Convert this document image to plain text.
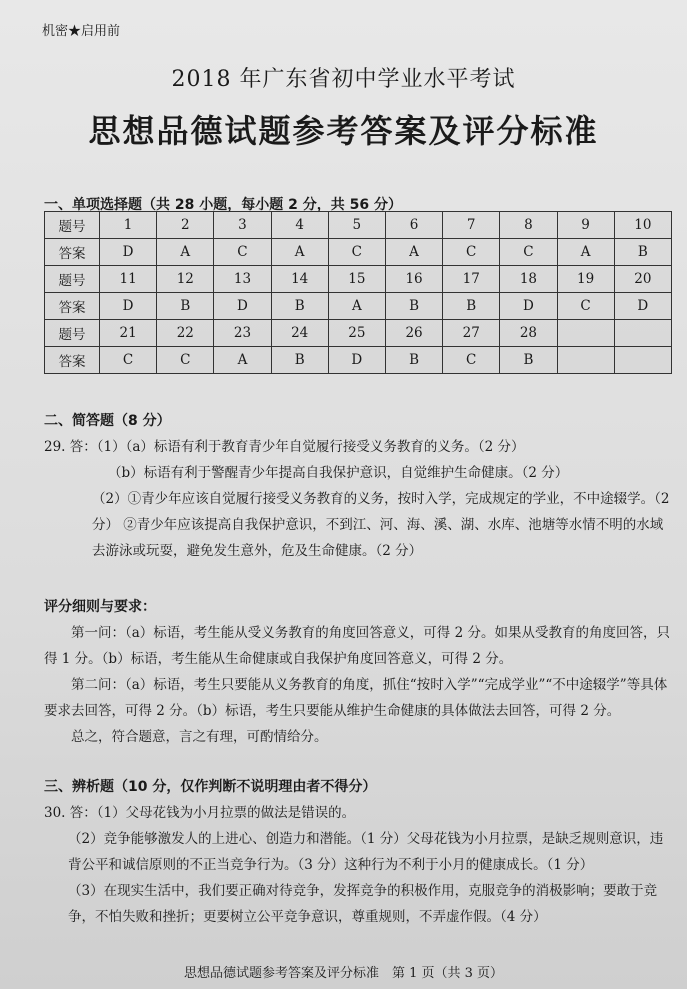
机密★启用前
2018 年广东省初中学业水平考试
思想品德试题参考答案及评分标准
一、单项选择题（共 28 小题，每小题 2 分，共 56 分）
题号	1	2	3	4	5	6	7	8	9	10
答案	D	A	C	A	C	A	C	C	A	B
题号	11	12	13	14	15	16	17	18	19	20
答案	D	B	D	B	A	B	B	D	C	D
题号	21	22	23	24	25	26	27	28		
答案	C	C	A	B	D	B	C	B		
二、简答题（8 分）
29. 答：（1）（a）标语有利于教育青少年自觉履行接受义务教育的义务。（2 分）
（b）标语有利于警醒青少年提高自我保护意识，自觉维护生命健康。（2 分）
（2）①青少年应该自觉履行接受义务教育的义务，按时入学，完成规定的学业，不中途辍学。（2 分） ②青少年应该提高自我保护意识，不到江、河、海、溪、湖、水库、池塘等水情不明的水域去游泳或玩耍，避免发生意外，危及生命健康。（2 分）
评分细则与要求：
第一问：（a）标语，考生能从受义务教育的角度回答意义，可得 2 分。如果从受教育的角度回答，只得 1 分。（b）标语，考生能从生命健康或自我保护角度回答意义，可得 2 分。
第二问：（a）标语，考生只要能从义务教育的角度，抓住“按时入学”“完成学业”“不中途辍学”等具体要求去回答，可得 2 分。（b）标语，考生只要能从维护生命健康的具体做法去回答，可得 2 分。
总之，符合题意，言之有理，可酌情给分。
三、辨析题（10 分，仅作判断不说明理由者不得分）
30. 答：（1）父母花钱为小月拉票的做法是错误的。
（2）竞争能够激发人的上进心、创造力和潜能。（1 分）父母花钱为小月拉票，是缺乏规则意识，违背公平和诚信原则的不正当竞争行为。（3 分）这种行为不利于小月的健康成长。（1 分）
（3）在现实生活中，我们要正确对待竞争，发挥竞争的积极作用，克服竞争的消极影响；要敢于竞争，不怕失败和挫折；更要树立公平竞争意识，尊重规则，不弄虚作假。（4 分）
思想品德试题参考答案及评分标准　第 1 页（共 3 页）
